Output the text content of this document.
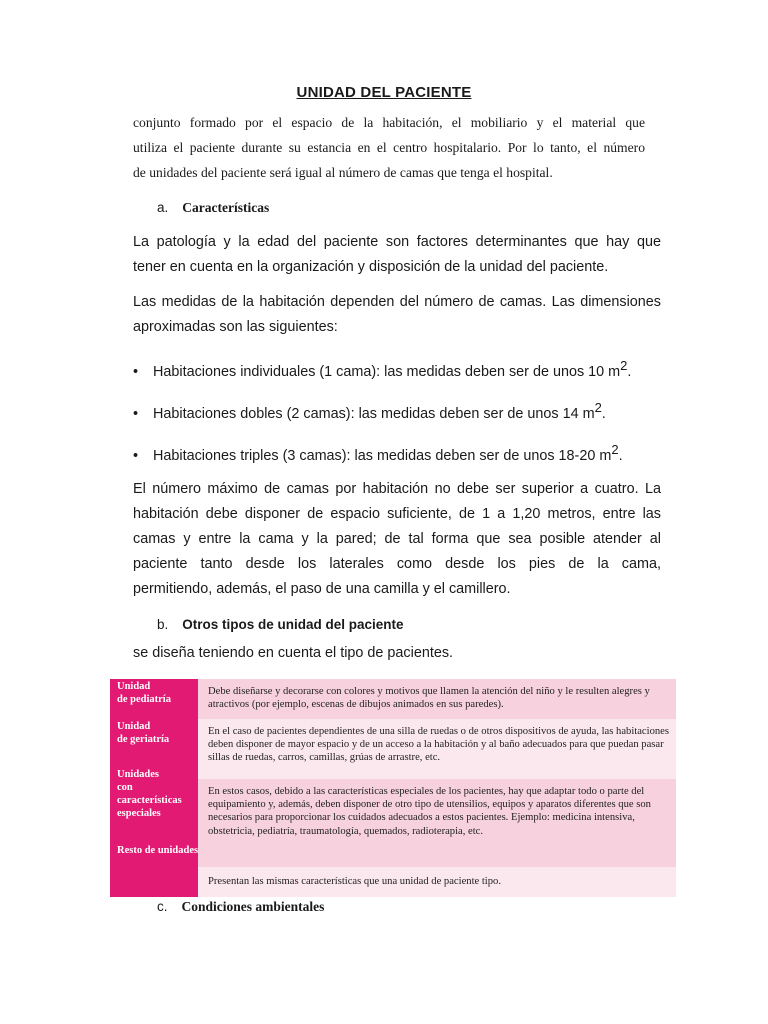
UNIDAD DEL PACIENTE
conjunto formado por el espacio de la habitación, el mobiliario y el material que
utiliza el paciente durante su estancia en el centro hospitalario. Por lo tanto, el número
de unidades del paciente será igual al número de camas que tenga el hospital.
a. Características
La patología y la edad del paciente son factores determinantes que hay que
tener en cuenta en la organización y disposición de la unidad del paciente.
Las medidas de la habitación dependen del número de camas. Las dimensiones
aproximadas son las siguientes:
• Habitaciones individuales (1 cama): las medidas deben ser de unos 10 $m^2$.
• Habitaciones dobles (2 camas): las medidas deben ser de unos 14 $m^2$.
• Habitaciones triples (3 camas): las medidas deben ser de unos 18-20 $m^2$.
El número máximo de camas por habitación no debe ser superior a cuatro. La
habitación debe disponer de espacio suficiente, de 1 a 1,20 metros, entre las
camas y entre la cama y la pared; de tal forma que sea posible atender al
paciente tanto desde los laterales como desde los pies de la cama,
permitiendo, además, el paso de una camilla y el camillero.
b. Otros tipos de unidad del paciente
se diseña teniendo en cuenta el tipo de pacientes.
Unidad
de pediatría
Unidad
de geriatría
Unidades
con
características
especiales
Resto de unidades
Debe diseñarse y decorarse con colores y motivos que llamen la atención del niño y le resulten alegres y atractivos (por ejemplo, escenas de dibujos animados en sus paredes).
En el caso de pacientes dependientes de una silla de ruedas o de otros dispositivos de ayuda, las habitaciones deben disponer de mayor espacio y de un acceso a la habitación y al baño adecuados para que puedan pasar sillas de ruedas, carros, camillas, grúas de arrastre, etc.
En estos casos, debido a las características especiales de los pacientes, hay que adaptar todo o parte del equipamiento y, además, deben disponer de otro tipo de utensilios, equipos y aparatos diferentes que son necesarios para proporcionar los cuidados adecuados a estos pacientes. Ejemplo: medicina intensiva, obstetricia, pediatría, traumatología, quemados, radioterapia, etc.
Presentan las mismas características que una unidad de paciente tipo.
c. Condiciones ambientales
